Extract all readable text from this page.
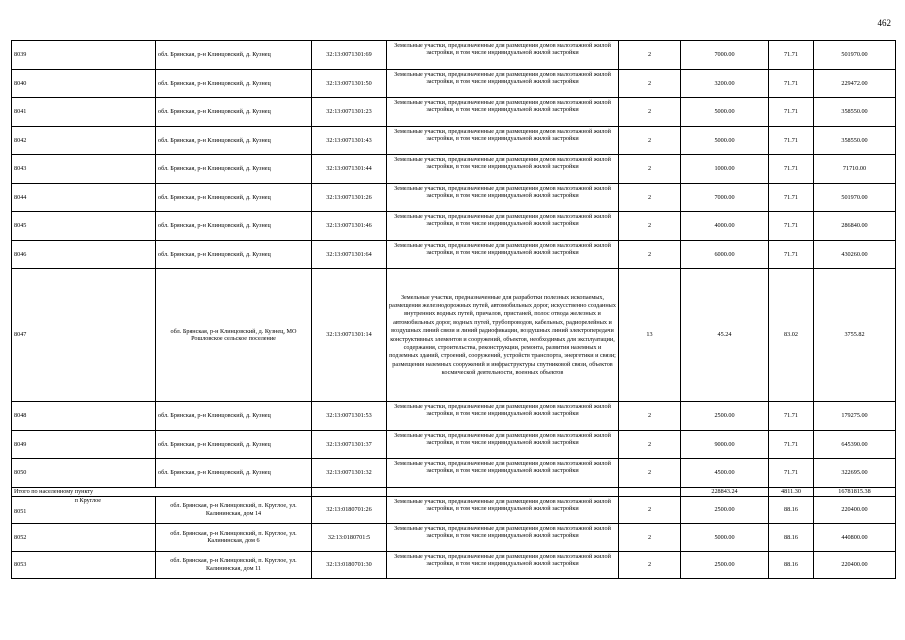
462
8039	обл. Брянская, р-н Клинцовский, д. Кузнец	32:13:0071301:69	Земельные участки, предназначенные для размещения домов малоэтажной жилой застройки, в том числе индивидуальной жилой застройки	2	7000.00	71.71	501970.00
8040	обл. Брянская, р-н Клинцовский, д. Кузнец	32:13:0071301:50	Земельные участки, предназначенные для размещения домов малоэтажной жилой застройки, в том числе индивидуальной жилой застройки	2	3200.00	71.71	229472.00
8041	обл. Брянская, р-н Клинцовский, д. Кузнец	32:13:0071301:23	Земельные участки, предназначенные для размещения домов малоэтажной жилой застройки, в том числе индивидуальной жилой застройки	2	5000.00	71.71	358550.00
8042	обл. Брянская, р-н Клинцовский, д. Кузнец	32:13:0071301:43	Земельные участки, предназначенные для размещения домов малоэтажной жилой застройки, в том числе индивидуальной жилой застройки	2	5000.00	71.71	358550.00
8043	обл. Брянская, р-н Клинцовский, д. Кузнец	32:13:0071301:44	Земельные участки, предназначенные для размещения домов малоэтажной жилой застройки, в том числе индивидуальной жилой застройки	2	1000.00	71.71	71710.00
8044	обл. Брянская, р-н Клинцовский, д. Кузнец	32:13:0071301:26	Земельные участки, предназначенные для размещения домов малоэтажной жилой застройки, в том числе индивидуальной жилой застройки	2	7000.00	71.71	501970.00
8045	обл. Брянская, р-н Клинцовский, д. Кузнец	32:13:0071301:46	Земельные участки, предназначенные для размещения домов малоэтажной жилой застройки, в том числе индивидуальной жилой застройки	2	4000.00	71.71	286840.00
8046	обл. Брянская, р-н Клинцовский, д. Кузнец	32:13:0071301:64	Земельные участки, предназначенные для размещения домов малоэтажной жилой застройки, в том числе индивидуальной жилой застройки	2	6000.00	71.71	430260.00
8047	обл. Брянская, р-н Клинцовский, д. Кузнец, МО Рошловское сельское поселение	32:13:0071301:14	Земельные участки, предназначенные для разработки полезных ископаемых, размещения железнодорожных путей, автомобильных дорог, искусственно созданных внутренних водных путей, причалов, пристаней, полос отвода железных и автомобильных дорог, водных путей, трубопроводов, кабельных, радиорелейных и воздушных линий связи и линий радиофикации, воздушных линий электропередачи конструктивных элементов и сооружений, объектов, необходимых для эксплуатации, содержания, строительства, реконструкции, ремонта, развития наземных и подземных зданий, строений, сооружений, устройств транспорта, энергетики и связи; размещения наземных сооружений и инфраструктуры спутниковой связи, объектов космической деятельности, военных объектов	13	45.24	83.02	3755.82
8048	обл. Брянская, р-н Клинцовский, д. Кузнец	32:13:0071301:53	Земельные участки, предназначенные для размещения домов малоэтажной жилой застройки, в том числе индивидуальной жилой застройки	2	2500.00	71.71	179275.00
8049	обл. Брянская, р-н Клинцовский, д. Кузнец	32:13:0071301:37	Земельные участки, предназначенные для размещения домов малоэтажной жилой застройки, в том числе индивидуальной жилой застройки	2	9000.00	71.71	645390.00
8050	обл. Брянская, р-н Клинцовский, д. Кузнец	32:13:0071301:32	Земельные участки, предназначенные для размещения домов малоэтажной жилой застройки, в том числе индивидуальной жилой застройки	2	4500.00	71.71	322695.00
Итого по населенному пункту					228843.24	4811.30	16781815.38

п Круглое
8051	обл. Брянская, р-н Клинцовский, п. Круглое, ул. Калининская, дом 14	32:13:0180701:26	Земельные участки, предназначенные для размещения домов малоэтажной жилой застройки, в том числе индивидуальной жилой застройки	2	2500.00	88.16	220400.00
8052	обл. Брянская, р-н Клинцовский, п. Круглое, ул. Калининская, дом 6	32:13:0180701:5	Земельные участки, предназначенные для размещения домов малоэтажной жилой застройки, в том числе индивидуальной жилой застройки	2	5000.00	88.16	440800.00
8053	обл. Брянская, р-н Клинцовский, п. Круглое, ул. Калининская, дом 11	32:13:0180701:30	Земельные участки, предназначенные для размещения домов малоэтажной жилой застройки, в том числе индивидуальной жилой застройки	2	2500.00	88.16	220400.00
